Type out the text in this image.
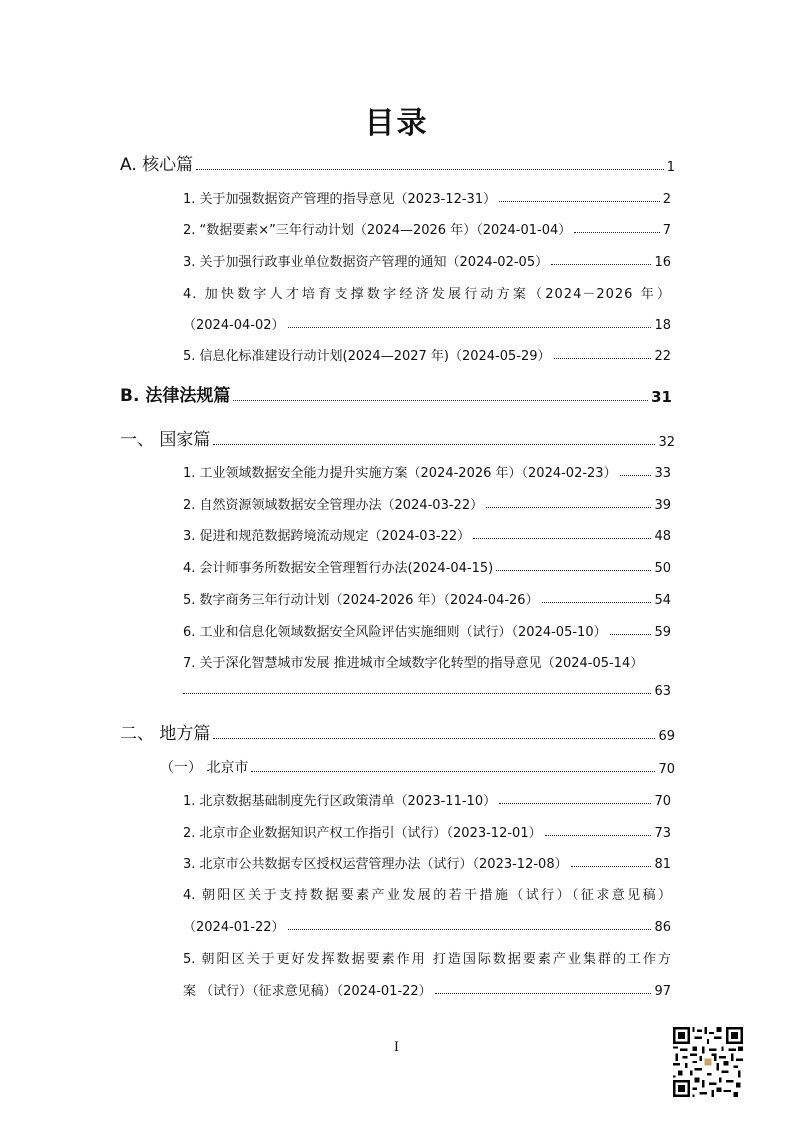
目录
A. 核心篇	1
1. 关于加强数据资产管理的指导意见（2023-12-31）	2
2. “数据要素×”三年行动计划（2024—2026 年）（2024-01-04）	7
3. 关于加强行政事业单位数据资产管理的通知（2024-02-05）	16
4. 加快数字人才培育支撑数字经济发展行动方案（2024－2026 年）
（2024-04-02）	18
5. 信息化标准建设行动计划(2024—2027 年)（2024-05-29）	22
B. 法律法规篇	31
一、 国家篇	32
1. 工业领域数据安全能力提升实施方案（2024-2026 年）（2024-02-23）	33
2. 自然资源领域数据安全管理办法（2024-03-22）	39
3. 促进和规范数据跨境流动规定（2024-03-22）	48
4. 会计师事务所数据安全管理暂行办法(2024-04-15)	50
5. 数字商务三年行动计划（2024-2026 年）（2024-04-26）	54
6. 工业和信息化领域数据安全风险评估实施细则（试行）（2024-05-10）	59
7. 关于深化智慧城市发展 推进城市全域数字化转型的指导意见（2024-05-14）
63
二、 地方篇	69
（一） 北京市	70
1. 北京数据基础制度先行区政策清单（2023-11-10）	70
2. 北京市企业数据知识产权工作指引（试行）（2023-12-01）	73
3. 北京市公共数据专区授权运营管理办法（试行）（2023-12-08）	81
4. 朝阳区关于支持数据要素产业发展的若干措施（试行）（征求意见稿）
（2024-01-22）	86
5. 朝阳区关于更好发挥数据要素作用 打造国际数据要素产业集群的工作方
案 （试行）（征求意见稿）（2024-01-22）	97
I
